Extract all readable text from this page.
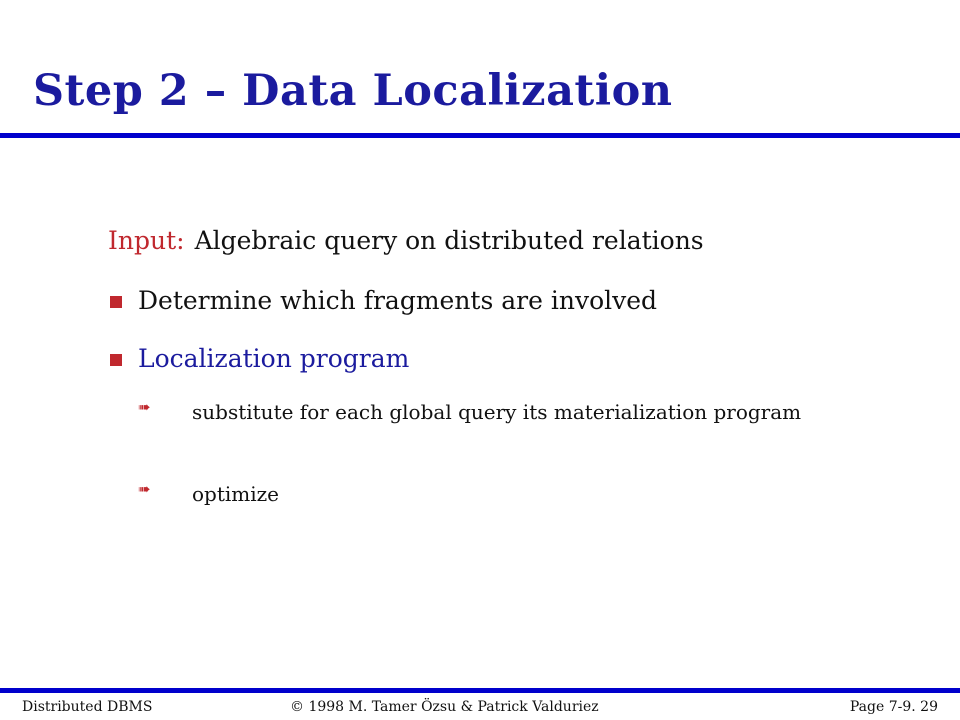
Step 2 – Data Localization
Input: Algebraic query on distributed relations
Determine which fragments are involved
Localization program
➠ substitute for each global query its materialization program
➠ optimize
Distributed DBMS	© 1998 M. Tamer Özsu & Patrick Valduriez	Page 7-9. 29
